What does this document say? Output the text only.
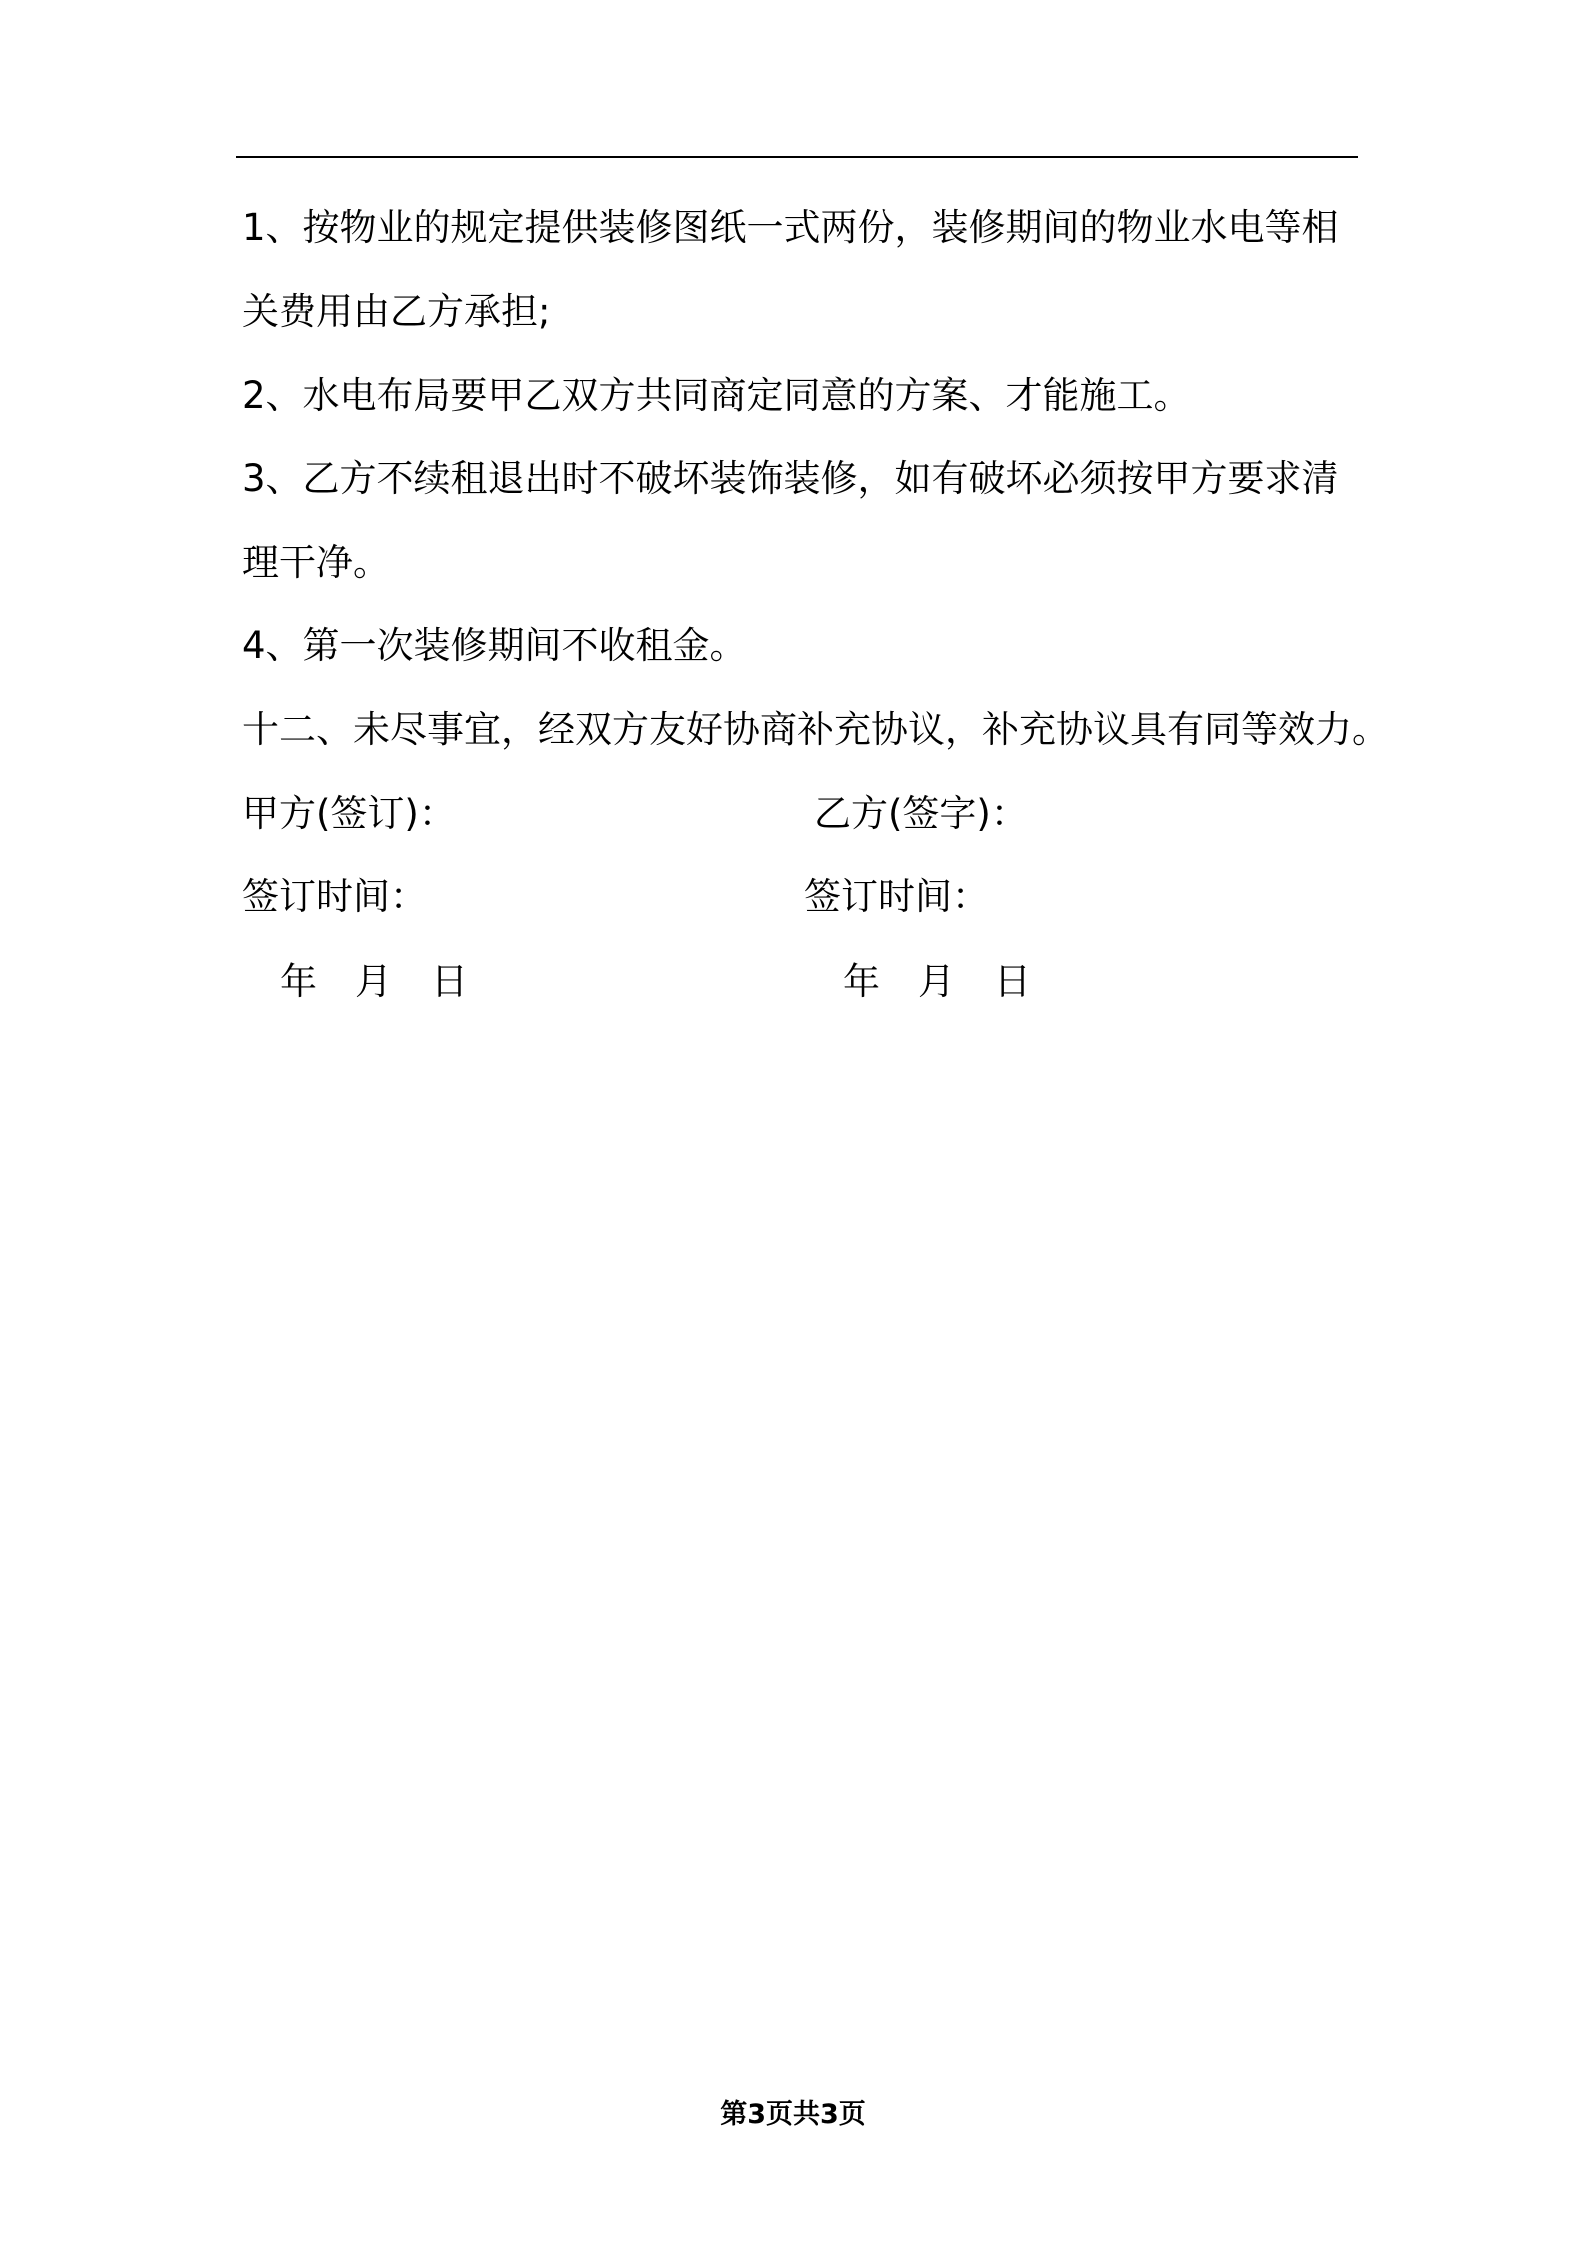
1、按物业的规定提供装修图纸一式两份，装修期间的物业水电等相
关费用由乙方承担;
2、水电布局要甲乙双方共同商定同意的方案、才能施工。
3、乙方不续租退出时不破坏装饰装修，如有破坏必须按甲方要求清
理干净。
4、第一次装修期间不收租金。
十二、未尽事宜，经双方友好协商补充协议，补充协议具有同等效力。
甲方(签订)：	乙方(签字)：
签订时间：	签订时间：
年 月 日	年 月 日
第3页共3页
